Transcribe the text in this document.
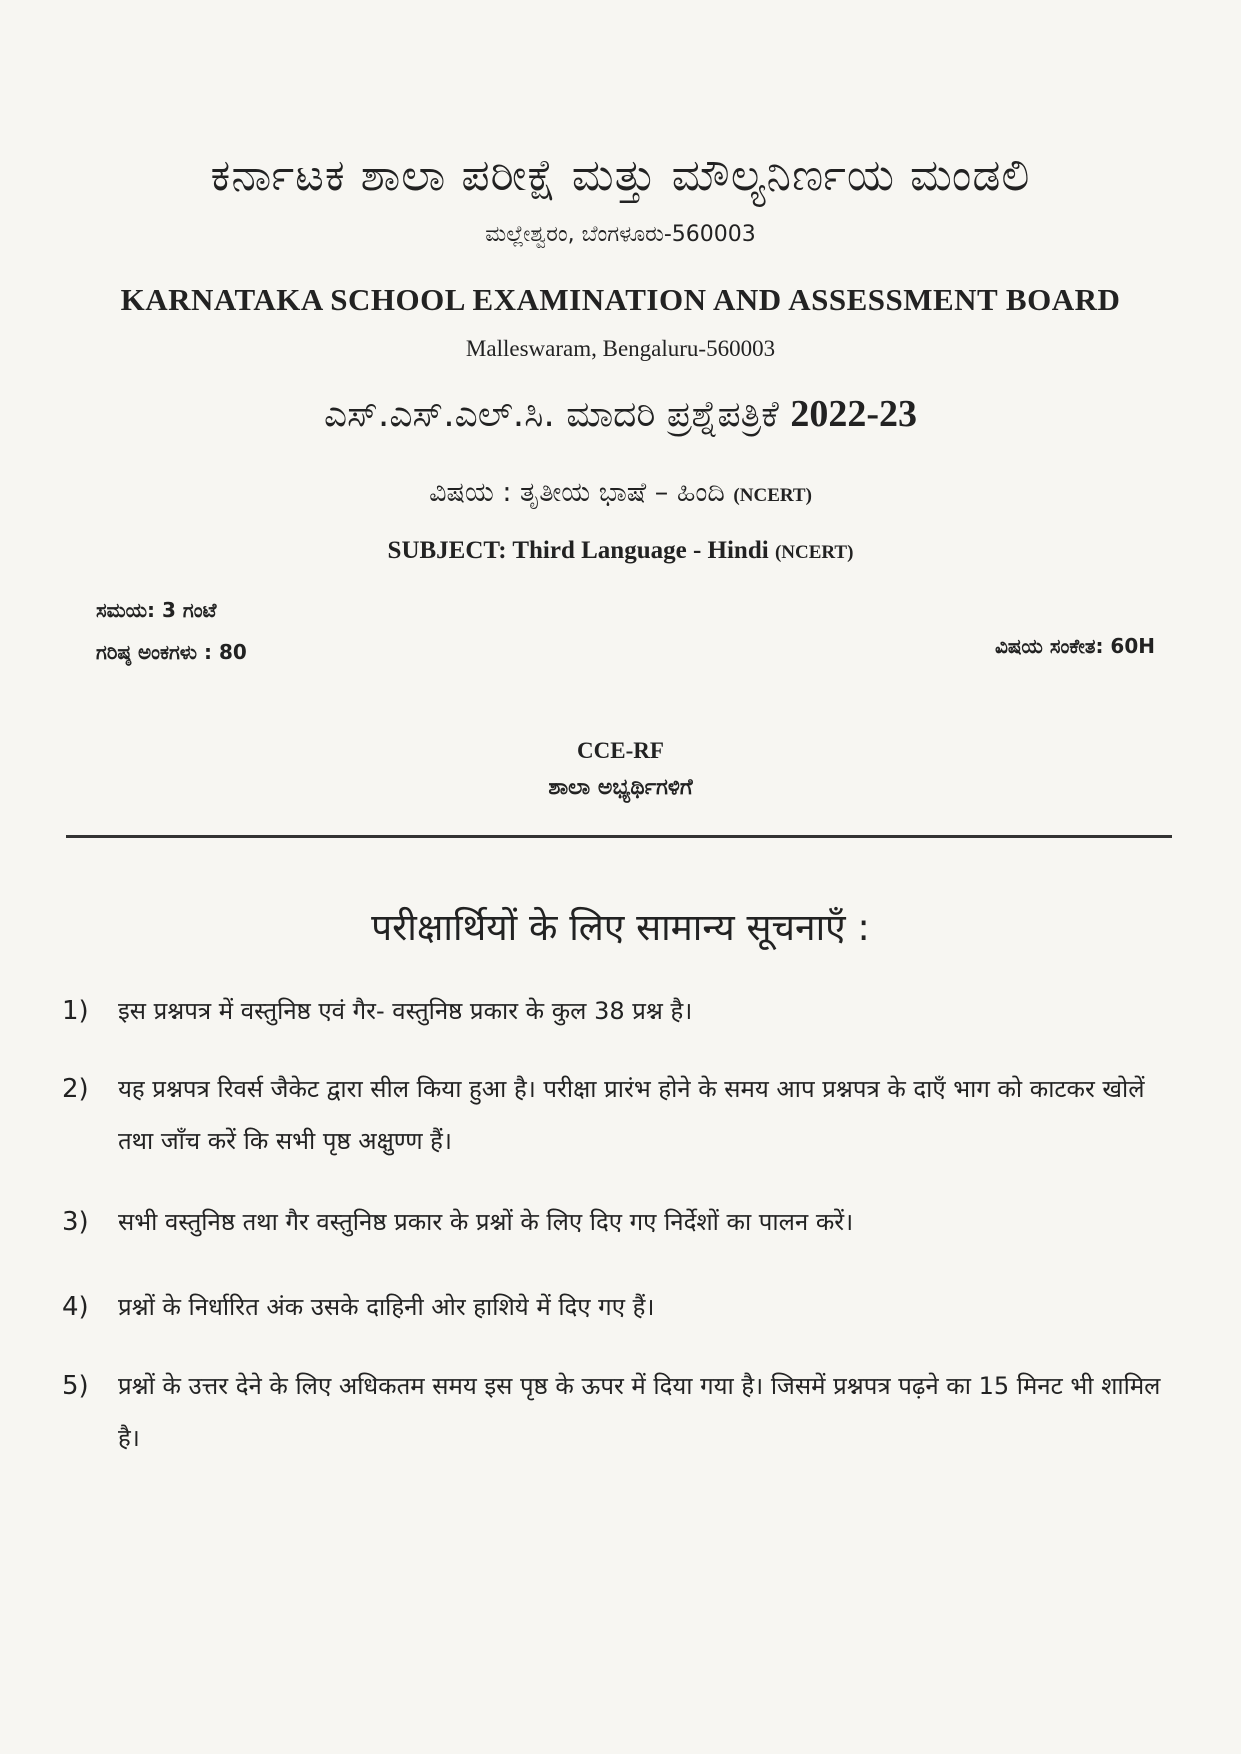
ಕರ್ನಾಟಕ ಶಾಲಾ ಪರೀಕ್ಷೆ ಮತ್ತು ಮೌಲ್ಯನಿರ್ಣಯ ಮಂಡಲಿ
ಮಲ್ಲೇಶ್ವರಂ, ಬೆಂಗಳೂರು-560003
KARNATAKA SCHOOL EXAMINATION AND ASSESSMENT BOARD
Malleswaram, Bengaluru-560003
ಎಸ್.ಎಸ್.ಎಲ್.ಸಿ. ಮಾದರಿ ಪ್ರಶ್ನೆಪತ್ರಿಕೆ 2022-23
ವಿಷಯ : ತೃತೀಯ ಭಾಷೆ – ಹಿಂದಿ (NCERT)
SUBJECT: Third Language - Hindi (NCERT)
ಸಮಯ: 3 ಗಂಟೆ
ಗರಿಷ್ಠ ಅಂಕಗಳು : 80	ವಿಷಯ ಸಂಕೇತ: 60H
CCE-RF
ಶಾಲಾ ಅಭ್ಯರ್ಥಿಗಳಿಗೆ
परीक्षार्थियों के लिए सामान्य सूचनाएँ :
1)	इस प्रश्नपत्र में वस्तुनिष्ठ एवं गैर- वस्तुनिष्ठ प्रकार के कुल 38 प्रश्न है।
2)	यह प्रश्नपत्र रिवर्स जैकेट द्वारा सील किया हुआ है। परीक्षा प्रारंभ होने के समय आप प्रश्नपत्र के दाएँ भाग को काटकर खोलें तथा जाँच करें कि सभी पृष्ठ अक्षुण्ण हैं।
3)	सभी वस्तुनिष्ठ तथा गैर वस्तुनिष्ठ प्रकार के प्रश्नों के लिए दिए गए निर्देशों का पालन करें।
4)	प्रश्नों के निर्धारित अंक उसके दाहिनी ओर हाशिये में दिए गए हैं।
5)	प्रश्नों के उत्तर देने के लिए अधिकतम समय इस पृष्ठ के ऊपर में दिया गया है। जिसमें प्रश्नपत्र पढ़ने का 15 मिनट भी शामिल है।
